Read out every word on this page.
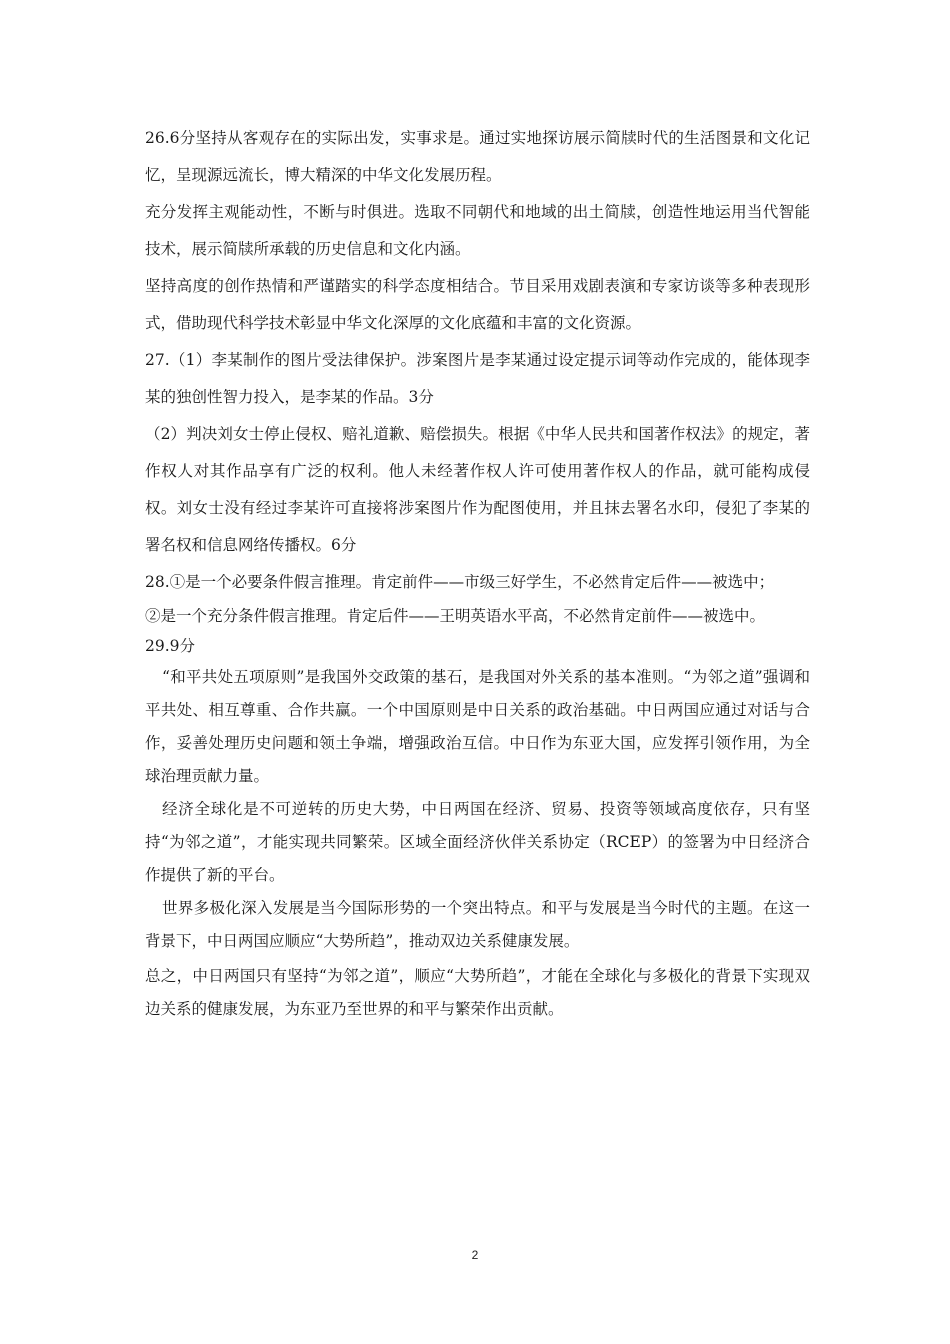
26.6分坚持从客观存在的实际出发，实事求是。通过实地探访展示简牍时代的生活图景和文化记忆，呈现源远流长，博大精深的中华文化发展历程。

充分发挥主观能动性，不断与时俱进。选取不同朝代和地域的出土简牍，创造性地运用当代智能技术，展示简牍所承载的历史信息和文化内涵。

坚持高度的创作热情和严谨踏实的科学态度相结合。节目采用戏剧表演和专家访谈等多种表现形式，借助现代科学技术彰显中华文化深厚的文化底蕴和丰富的文化资源。

27.（1）李某制作的图片受法律保护。涉案图片是李某通过设定提示词等动作完成的，能体现李某的独创性智力投入，是李某的作品。3分

（2）判决刘女士停止侵权、赔礼道歉、赔偿损失。根据《中华人民共和国著作权法》的规定，著作权人对其作品享有广泛的权利。他人未经著作权人许可使用著作权人的作品，就可能构成侵权。刘女士没有经过李某许可直接将涉案图片作为配图使用，并且抹去署名水印，侵犯了李某的署名权和信息网络传播权。6分

28.①是一个必要条件假言推理。肯定前件——市级三好学生，不必然肯定后件——被选中；

②是一个充分条件假言推理。肯定后件——王明英语水平高，不必然肯定前件——被选中。

29.9分

“和平共处五项原则”是我国外交政策的基石，是我国对外关系的基本准则。“为邻之道”强调和平共处、相互尊重、合作共赢。一个中国原则是中日关系的政治基础。中日两国应通过对话与合作，妥善处理历史问题和领土争端，增强政治互信。中日作为东亚大国，应发挥引领作用，为全球治理贡献力量。

经济全球化是不可逆转的历史大势，中日两国在经济、贸易、投资等领域高度依存，只有坚持“为邻之道”，才能实现共同繁荣。区域全面经济伙伴关系协定（RCEP）的签署为中日经济合作提供了新的平台。

世界多极化深入发展是当今国际形势的一个突出特点。和平与发展是当今时代的主题。在这一背景下，中日两国应顺应“大势所趋”，推动双边关系健康发展。

总之，中日两国只有坚持“为邻之道”，顺应“大势所趋”，才能在全球化与多极化的背景下实现双边关系的健康发展，为东亚乃至世界的和平与繁荣作出贡献。

2
